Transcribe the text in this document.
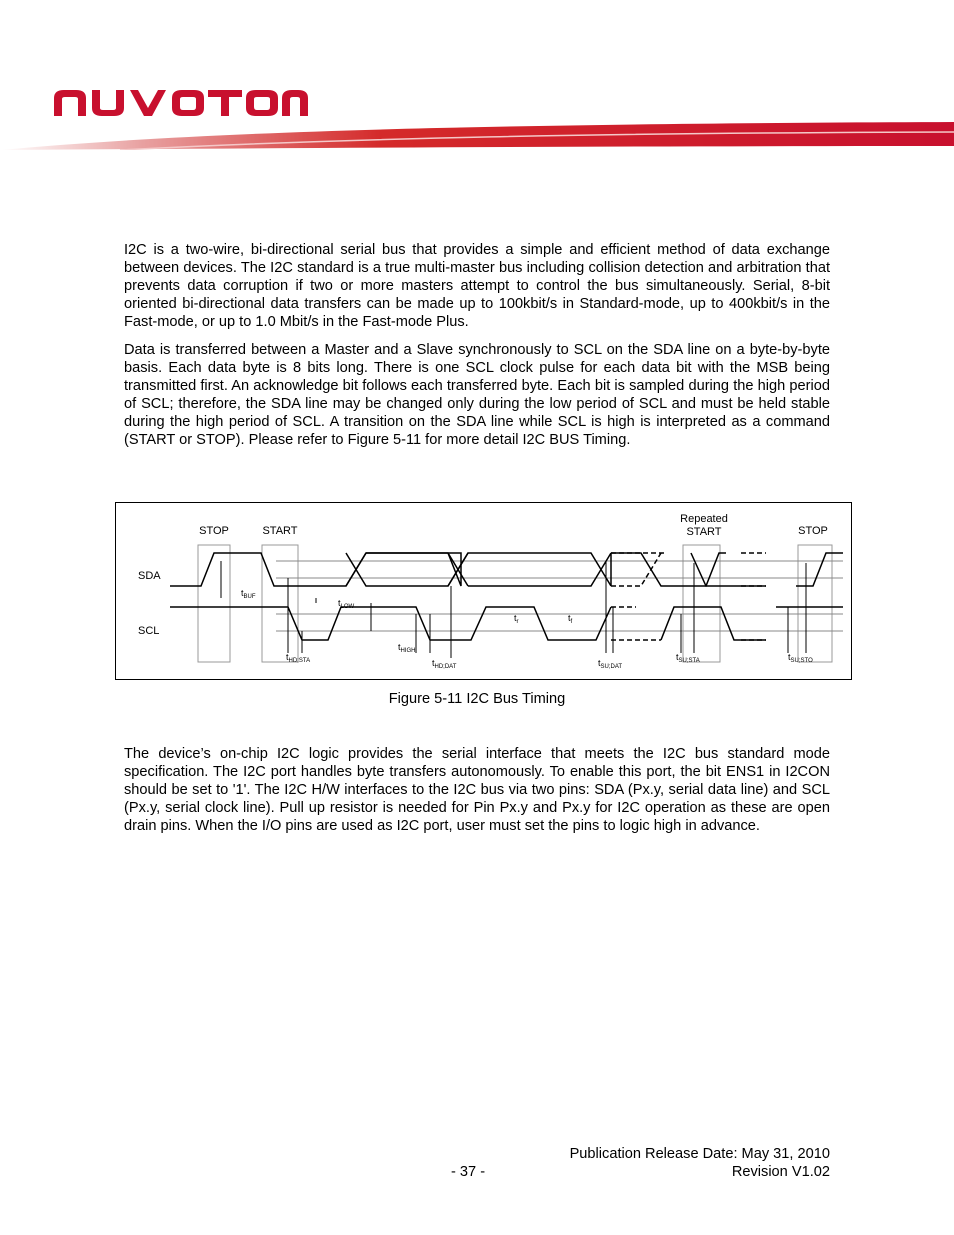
I2C is a two-wire, bi-directional serial bus that provides a simple and efficient method of data exchange between devices. The I2C standard is a true multi-master bus including collision detection and arbitration that prevents data corruption if two or more masters attempt to control the bus simultaneously. Serial, 8-bit oriented bi-directional data transfers can be made up to 100kbit/s in Standard-mode, up to 400kbit/s in the Fast-mode, or up to 1.0 Mbit/s in the Fast-mode Plus.

Data is transferred between a Master and a Slave synchronously to SCL on the SDA line on a byte-by-byte basis. Each data byte is 8 bits long. There is one SCL clock pulse for each data bit with the MSB being transmitted first. An acknowledge bit follows each transferred byte. Each bit is sampled during the high period of SCL; therefore, the SDA line may be changed only during the low period of SCL and must be held stable during the high period of SCL. A transition on the SDA line while SCL is high is interpreted as a command (START or STOP). Please refer to Figure 5-11 for more detail I2C BUS Timing.

STOP	START
Repeated
START	STOP
SDA
SCL
$t_{BUF}$
$t_{LOW}$
$t_{HIGH}$
$t_{HD;STA}$	$t_{HD;DAT}$	$t_{SU;DAT}$
$t_{SU;STA}$	$t_{SU;STO}$
$t_r$	$t_f$
Figure 5-11 I2C Bus Timing

The device’s on-chip I2C logic provides the serial interface that meets the I2C bus standard mode specification. The I2C port handles byte transfers autonomously. To enable this port, the bit ENS1 in I2CON should be set to '1'. The I2C H/W interfaces to the I2C bus via two pins: SDA (Px.y, serial data line) and SCL (Px.y, serial clock line). Pull up resistor is needed for Pin Px.y and Px.y for I2C operation as these are open drain pins. When the I/O pins are used as I2C port, user must set the pins to logic high in advance.

Publication Release Date: May 31, 2010
- 37 -	Revision V1.02
